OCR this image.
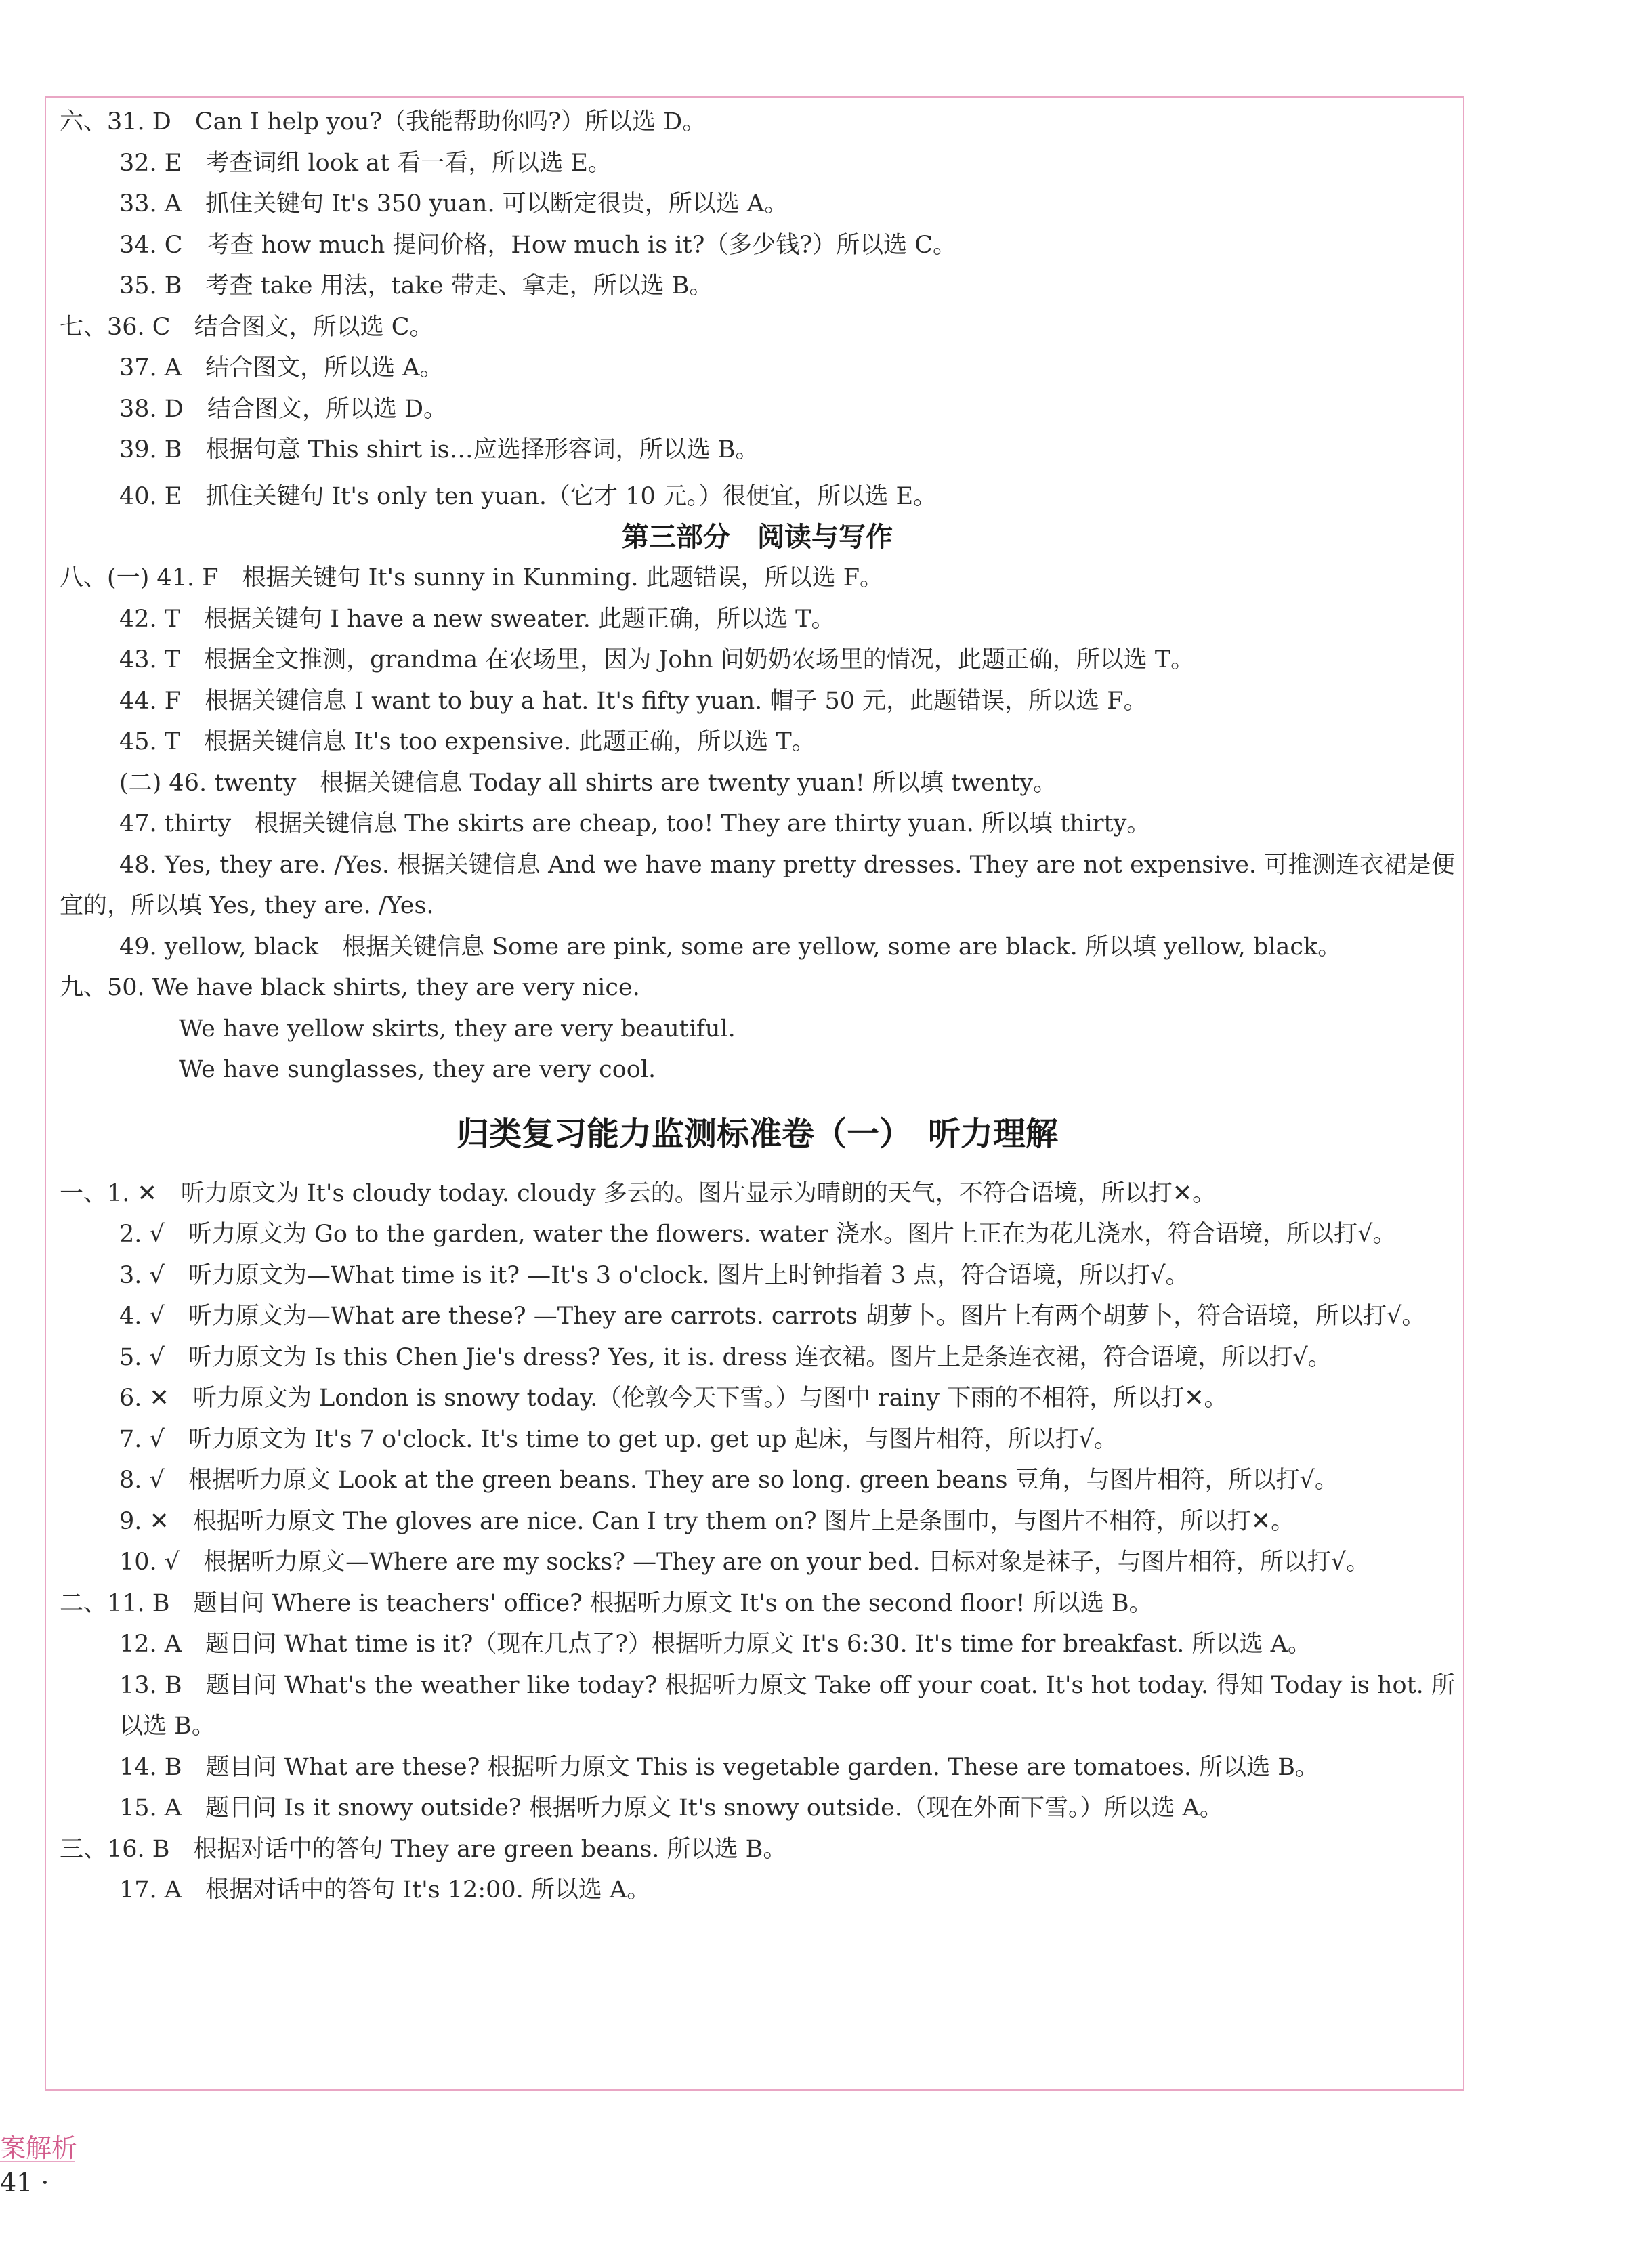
六、31. D　Can I help you?（我能帮助你吗?）所以选 D。
32. E　考查词组 look at 看一看，所以选 E。
33. A　抓住关键句 It's 350 yuan. 可以断定很贵，所以选 A。
34. C　考查 how much 提问价格，How much is it?（多少钱?）所以选 C。
35. B　考查 take 用法，take 带走、拿走，所以选 B。
七、36. C　结合图文，所以选 C。
37. A　结合图文，所以选 A。
38. D　结合图文，所以选 D。
39. B　根据句意 This shirt is…应选择形容词，所以选 B。
40. E　抓住关键句 It's only ten yuan.（它才 10 元。）很便宜，所以选 E。
第三部分　阅读与写作
八、(一) 41. F　根据关键句 It's sunny in Kunming. 此题错误，所以选 F。
42. T　根据关键句 I have a new sweater. 此题正确，所以选 T。
43. T　根据全文推测，grandma 在农场里，因为 John 问奶奶农场里的情况，此题正确，所以选 T。
44. F　根据关键信息 I want to buy a hat. It's fifty yuan. 帽子 50 元，此题错误，所以选 F。
45. T　根据关键信息 It's too expensive. 此题正确，所以选 T。
(二) 46. twenty　根据关键信息 Today all shirts are twenty yuan! 所以填 twenty。
47. thirty　根据关键信息 The skirts are cheap, too! They are thirty yuan. 所以填 thirty。
48. Yes, they are. /Yes. 根据关键信息 And we have many pretty dresses. They are not expensive. 可推测连衣裙是便宜的，所以填 Yes, they are. /Yes.
49. yellow, black　根据关键信息 Some are pink, some are yellow, some are black. 所以填 yellow, black。
九、50. We have black shirts, they are very nice.
We have yellow skirts, they are very beautiful.
We have sunglasses, they are very cool.
归类复习能力监测标准卷（一）　听力理解
一、1. ✕　听力原文为 It's cloudy today. cloudy 多云的。图片显示为晴朗的天气，不符合语境，所以打✕。
2. √　听力原文为 Go to the garden, water the flowers. water 浇水。图片上正在为花儿浇水，符合语境，所以打√。
3. √　听力原文为—What time is it? —It's 3 o'clock. 图片上时钟指着 3 点，符合语境，所以打√。
4. √　听力原文为—What are these? —They are carrots. carrots 胡萝卜。图片上有两个胡萝卜，符合语境，所以打√。
5. √　听力原文为 Is this Chen Jie's dress? Yes, it is. dress 连衣裙。图片上是条连衣裙，符合语境，所以打√。
6. ✕　听力原文为 London is snowy today.（伦敦今天下雪。）与图中 rainy 下雨的不相符，所以打✕。
7. √　听力原文为 It's 7 o'clock. It's time to get up. get up 起床，与图片相符，所以打√。
8. √　根据听力原文 Look at the green beans. They are so long. green beans 豆角，与图片相符，所以打√。
9. ✕　根据听力原文 The gloves are nice. Can I try them on? 图片上是条围巾，与图片不相符，所以打✕。
10. √　根据听力原文—Where are my socks? —They are on your bed. 目标对象是袜子，与图片相符，所以打√。
二、11. B　题目问 Where is teachers' office? 根据听力原文 It's on the second floor! 所以选 B。
12. A　题目问 What time is it?（现在几点了?）根据听力原文 It's 6:30. It's time for breakfast. 所以选 A。
13. B　题目问 What's the weather like today? 根据听力原文 Take off your coat. It's hot today. 得知 Today is hot. 所以选 B。
14. B　题目问 What are these? 根据听力原文 This is vegetable garden. These are tomatoes. 所以选 B。
15. A　题目问 Is it snowy outside? 根据听力原文 It's snowy outside.（现在外面下雪。）所以选 A。
三、16. B　根据对话中的答句 They are green beans. 所以选 B。
17. A　根据对话中的答句 It's 12:00. 所以选 A。
案解析
41 ·
